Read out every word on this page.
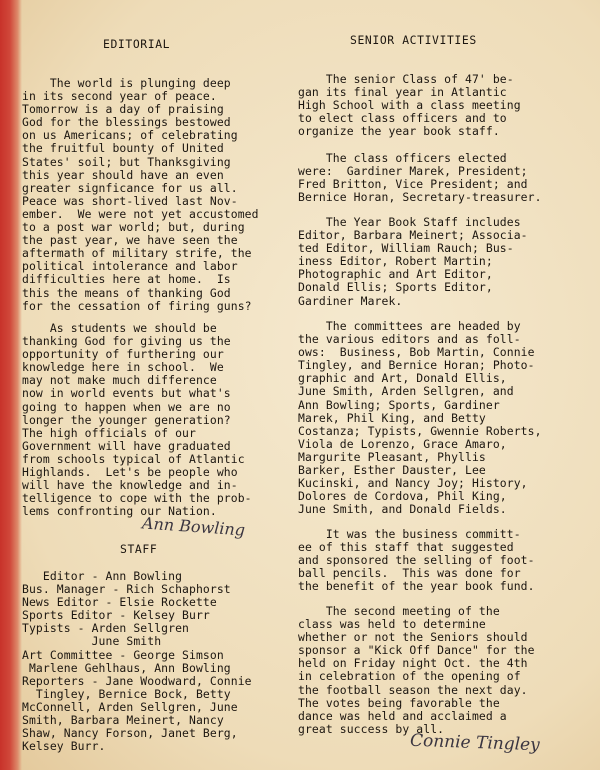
EDITORIAL

The world is plunging deep

in its second year of peace.

Tomorrow is a day of praising

God for the blessings bestowed

on us Americans; of celebrating

the fruitful bounty of United

States' soil; but Thanksgiving

this year should have an even

greater signficance for us all.

Peace was short-lived last Nov-

ember.  We were not yet accustomed

to a post war world; but, during

the past year, we have seen the

aftermath of military strife, the

political intolerance and labor

difficulties here at home.  Is

this the means of thanking God

for the cessation of firing guns?

As students we should be

thanking God for giving us the

opportunity of furthering our

knowledge here in school.  We

may not make much difference

now in world events but what's

going to happen when we are no

longer the younger generation?

The high officials of our

Government will have graduated

from schools typical of Atlantic

Highlands.  Let's be people who

will have the knowledge and in-

telligence to cope with the prob-

lems confronting our Nation.

Ann Bowling
STAFF

Editor - Ann Bowling

Bus. Manager - Rich Schaphorst

News Editor - Elsie Rockette

Sports Editor - Kelsey Burr

Typists - Arden Sellgren

June Smith

Art Committee - George Simson

Marlene Gehlhaus, Ann Bowling

Reporters - Jane Woodward, Connie

Tingley, Bernice Bock, Betty

McConnell, Arden Sellgren, June

Smith, Barbara Meinert, Nancy

Shaw, Nancy Forson, Janet Berg,

Kelsey Burr.

SENIOR ACTIVITIES

The senior Class of 47' be-

gan its final year in Atlantic

High School with a class meeting

to elect class officers and to

organize the year book staff.

The class officers elected

were:  Gardiner Marek, President;

Fred Britton, Vice President; and

Bernice Horan, Secretary-treasurer.

The Year Book Staff includes

Editor, Barbara Meinert; Associa-

ted Editor, William Rauch; Bus-

iness Editor, Robert Martin;

Photographic and Art Editor,

Donald Ellis; Sports Editor,

Gardiner Marek.

The committees are headed by

the various editors and as foll-

ows:  Business, Bob Martin, Connie

Tingley, and Bernice Horan; Photo-

graphic and Art, Donald Ellis,

June Smith, Arden Sellgren, and

Ann Bowling; Sports, Gardiner

Marek, Phil King, and Betty

Costanza; Typists, Gwennie Roberts,

Viola de Lorenzo, Grace Amaro,

Margurite Pleasant, Phyllis

Barker, Esther Dauster, Lee

Kucinski, and Nancy Joy; History,

Dolores de Cordova, Phil King,

June Smith, and Donald Fields.

It was the business committ-

ee of this staff that suggested

and sponsored the selling of foot-

ball pencils.  This was done for

the benefit of the year book fund.

The second meeting of the

class was held to determine

whether or not the Seniors should

sponsor a "Kick Off Dance" for the

held on Friday night Oct. the 4th

in celebration of the opening of

the football season the next day.

The votes being favorable the

dance was held and acclaimed a

great success by all.

Connie Tingley
